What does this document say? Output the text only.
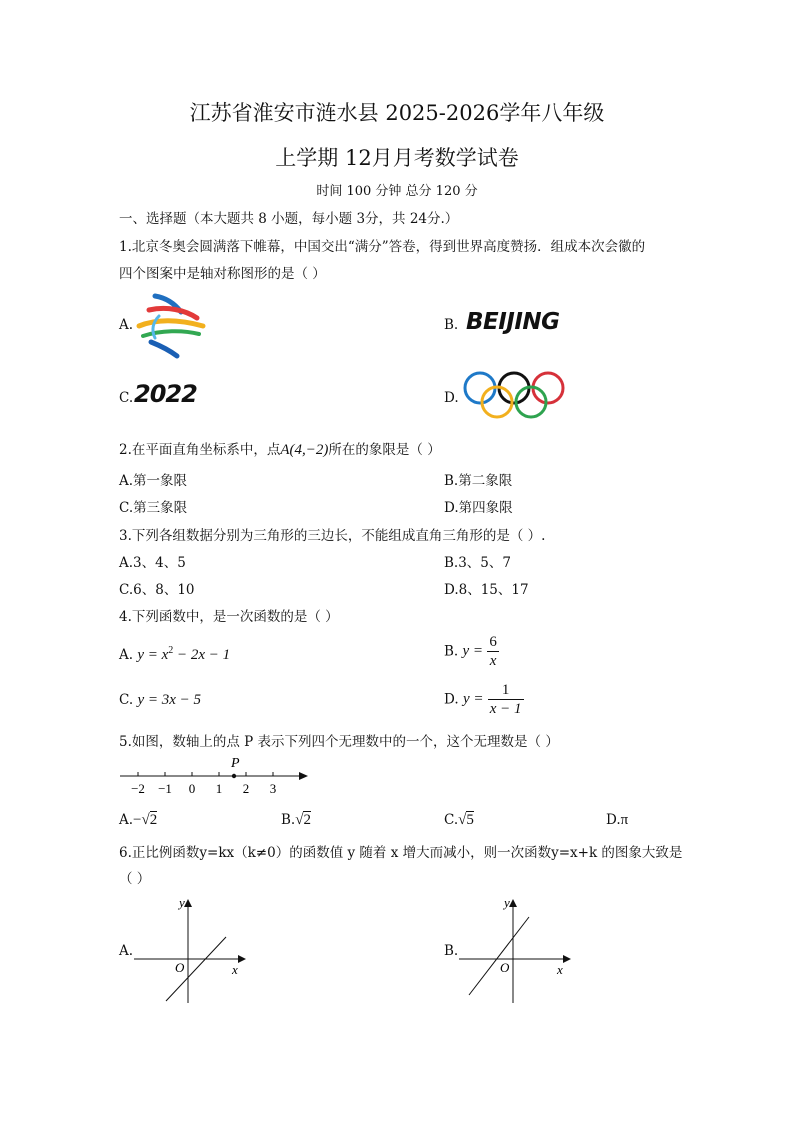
江苏省淮安市涟水县 2025-2026学年八年级
上学期 12月月考数学试卷
时间 100 分钟 总分 120 分
一、选择题（本大题共 8 小题，每小题 3分，共 24分.）
1.北京冬奥会圆满落下帷幕，中国交出“满分”答卷，得到世界高度赞扬．组成本次会徽的
四个图案中是轴对称图形的是（ ）
A.	B. BEIJING
C. 2022	D.
2.在平面直角坐标系中，点A(4,−2)所在的象限是（ ）
A.第一象限	B.第二象限
C.第三象限	D.第四象限
3.下列各组数据分别为三角形的三边长，不能组成直角三角形的是（ ）.
A.3、4、5	B.3、5、7
C.6、8、10	D.8、15、17
4.下列函数中，是一次函数的是（ ）
A. $y = x^2 - 2x - 1$	B. $y = \frac{6}{x}$
C. y = 3x − 5	D. $y = \frac{1}{x - 1}$
5.如图，数轴上的点 P 表示下列四个无理数中的一个，这个无理数是（ ）
P
−2 −1 0 1 2 3
A.−√2	B.√2	C.√5	D.π
6.正比例函数y=kx（k≠0）的函数值 y 随着 x 增大而减小，则一次函数y=x+k 的图象大致是
（ ）
A.
x
y
O
B.
x
y
O
